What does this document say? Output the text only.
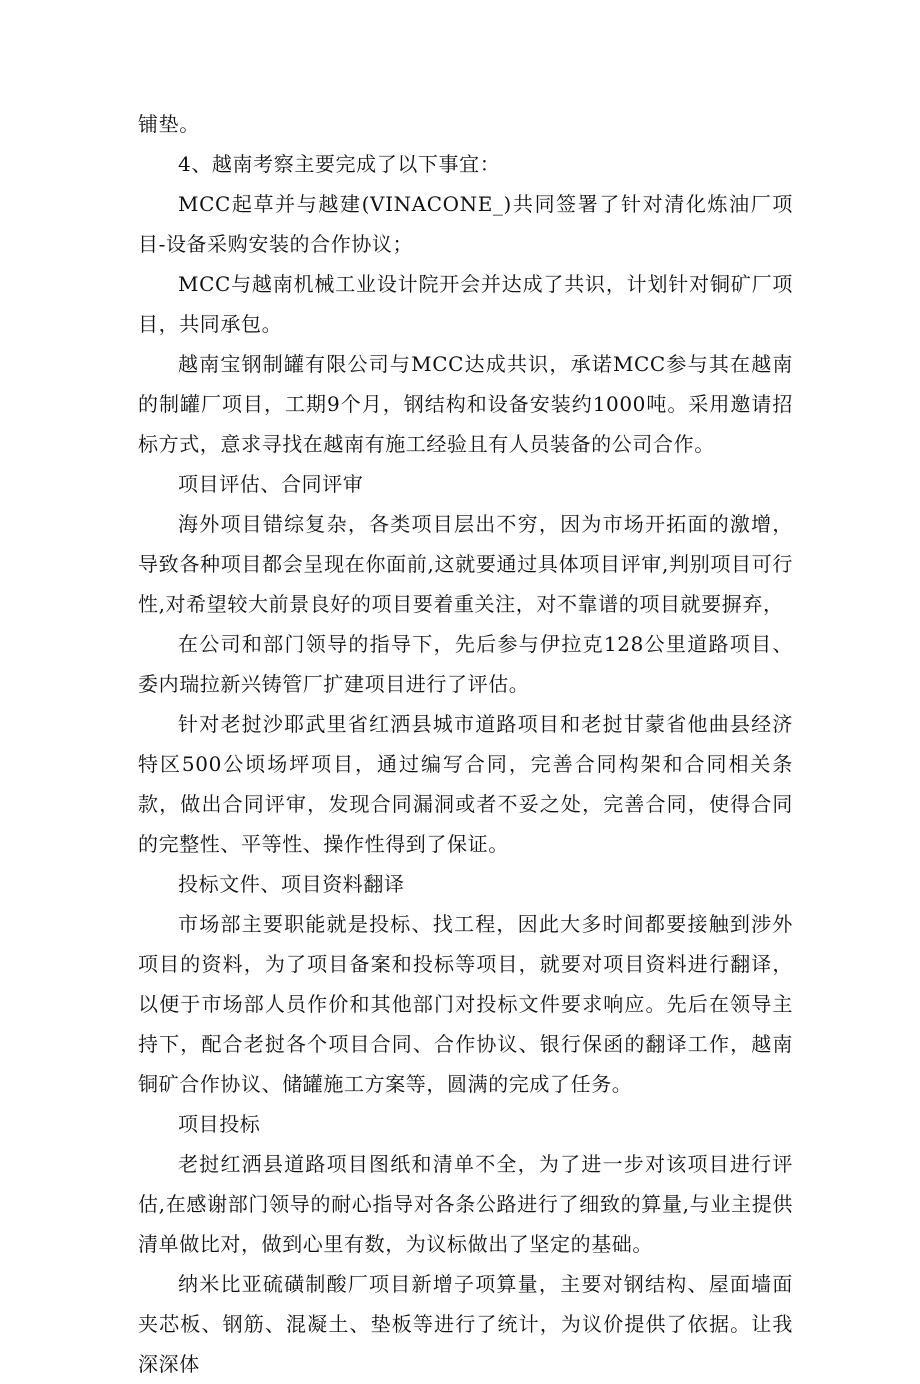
铺垫。

4、越南考察主要完成了以下事宜：

MCC起草并与越建(VINACONE_)共同签署了针对清化炼油厂项目-设备采购安装的合作协议；

MCC与越南机械工业设计院开会并达成了共识，计划针对铜矿厂项目，共同承包。

越南宝钢制罐有限公司与MCC达成共识，承诺MCC参与其在越南的制罐厂项目，工期9个月，钢结构和设备安装约1000吨。采用邀请招标方式，意求寻找在越南有施工经验且有人员装备的公司合作。

项目评估、合同评审

海外项目错综复杂，各类项目层出不穷，因为市场开拓面的激增，导致各种项目都会呈现在你面前,这就要通过具体项目评审,判别项目可行性,对希望较大前景良好的项目要着重关注，对不靠谱的项目就要摒弃，

在公司和部门领导的指导下，先后参与伊拉克128公里道路项目、委内瑞拉新兴铸管厂扩建项目进行了评估。

针对老挝沙耶武里省红洒县城市道路项目和老挝甘蒙省他曲县经济特区500公顷场坪项目，通过编写合同，完善合同构架和合同相关条款，做出合同评审，发现合同漏洞或者不妥之处，完善合同，使得合同的完整性、平等性、操作性得到了保证。

投标文件、项目资料翻译

市场部主要职能就是投标、找工程，因此大多时间都要接触到涉外项目的资料，为了项目备案和投标等项目，就要对项目资料进行翻译，以便于市场部人员作价和其他部门对投标文件要求响应。先后在领导主持下，配合老挝各个项目合同、合作协议、银行保函的翻译工作，越南铜矿合作协议、储罐施工方案等，圆满的完成了任务。

项目投标

老挝红洒县道路项目图纸和清单不全，为了进一步对该项目进行评估,在感谢部门领导的耐心指导对各条公路进行了细致的算量,与业主提供清单做比对，做到心里有数，为议标做出了坚定的基础。

纳米比亚硫磺制酸厂项目新增子项算量，主要对钢结构、屋面墙面夹芯板、钢筋、混凝土、垫板等进行了统计，为议价提供了依据。让我深深体
